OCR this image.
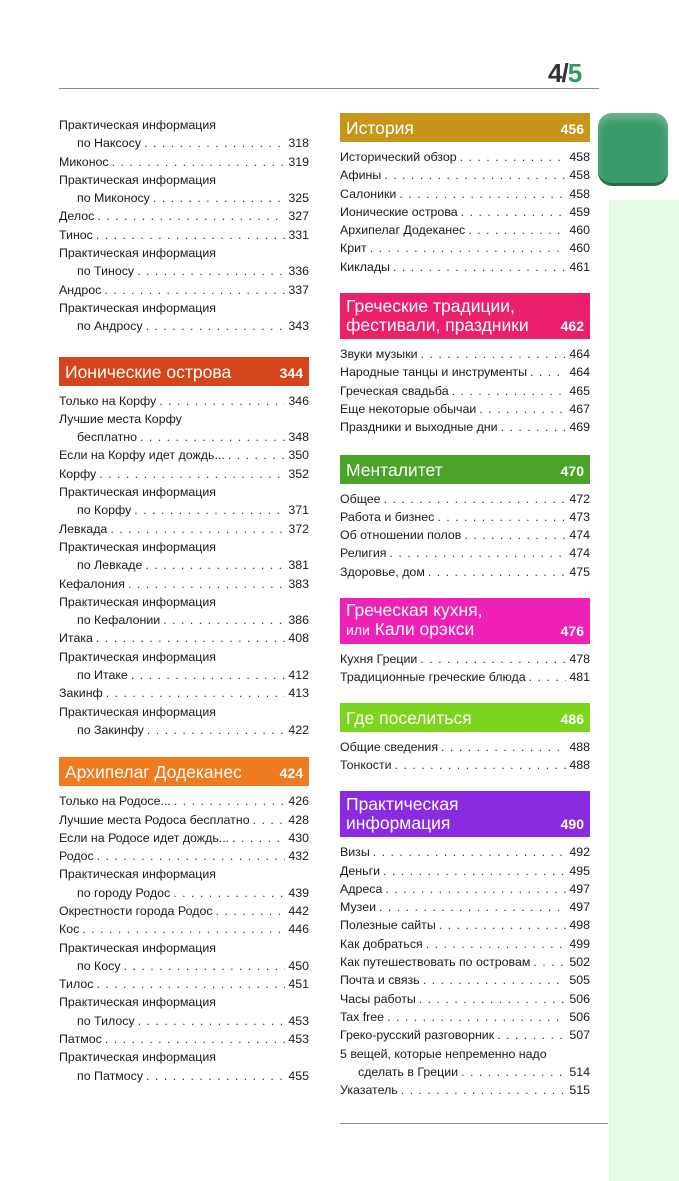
4/5
Практическая информация
по Наксосу . . .	318
Миконос . . .	319
Практическая информация
по Миконосу . . .	325
Делос . . .	327
Тинос . . .	331
Практическая информация
по Тиносу . . .	336
Андрос . . .	337
Практическая информация
по Андросу . . .	343
Ионические острова	344
Только на Корфу . . .	346
Лучшие места Корфу
бесплатно . . .	348
Если на Корфу идет дождь... . . .	350
Корфу . . .	352
Практическая информация
по Корфу . . .	371
Левкада . . .	372
Практическая информация
по Левкаде . . .	381
Кефалония . . .	383
Практическая информация
по Кефалонии . . .	386
Итака . . .	408
Практическая информация
по Итаке . . .	412
Закинф . . .	413
Практическая информация
по Закинфу . . .	422
Архипелаг Додеканес	424
Только на Родосе... . . .	426
Лучшие места Родоса бесплатно . . .	428
Если на Родосе идет дождь... . . .	430
Родос . . .	432
Практическая информация
по городу Родос . . .	439
Окрестности города Родос . . .	442
Кос . . .	446
Практическая информация
по Косу . . .	450
Тилос . . .	451
Практическая информация
по Тилосу . . .	453
Патмос . . .	453
Практическая информация
по Патмосу . . .	455
История	456
Исторический обзор . . .	458
Афины . . .	458
Салоники . . .	458
Ионические острова . . .	459
Архипелаг Додеканес . . .	460
Крит . . .	460
Киклады . . .	461
Греческие традиции,
фестивали, праздники 462
Звуки музыки . . .	464
Народные танцы и инструменты . . .	464
Греческая свадьба . . .	465
Еще некоторые обычаи . . .	467
Праздники и выходные дни . . .	469
Менталитет	470
Общее . . .	472
Работа и бизнес . . .	473
Об отношении полов . . .	474
Религия . . .	474
Здоровье, дом . . .	475
Греческая кухня,
или Кали орэкси	476
Кухня Греции . . .	478
Традиционные греческие блюда . . .	481
Где поселиться	486
Общие сведения . . .	488
Тонкости . . .	488
Практическая
информация	490
Визы . . .	492
Деньги . . .	495
Адреса . . .	497
Музеи . . .	497
Полезные сайты . . .	498
Как добраться . . .	499
Как путешествовать по островам . . .	502
Почта и связь . . .	505
Часы работы . . .	506
Tax free . . .	506
Греко-русский разговорник . . .	507
5 вещей, которые непременно надо
сделать в Греции . . .	514
Указатель . . .	515
